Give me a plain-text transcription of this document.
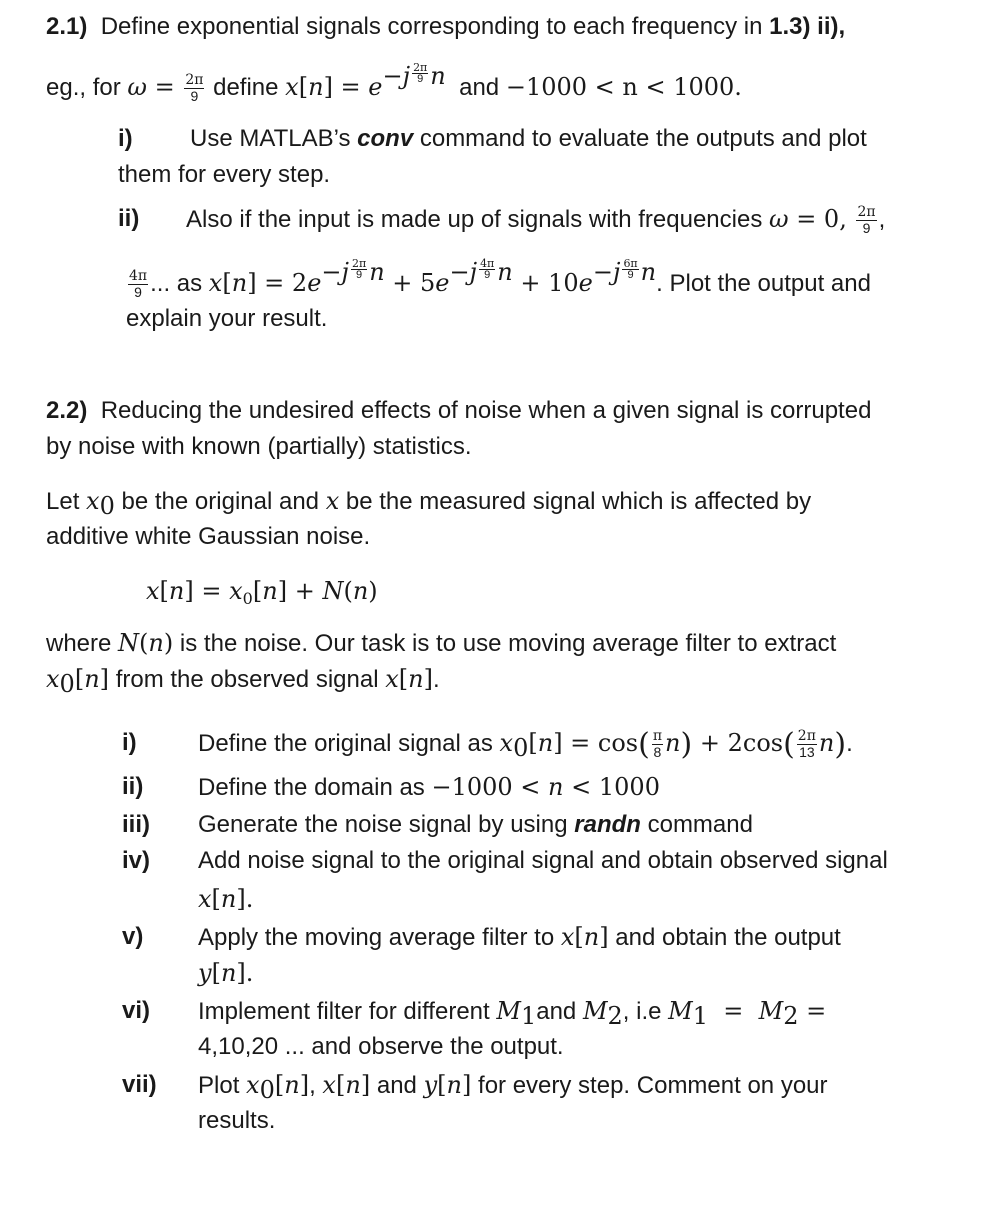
2.1) Define exponential signals corresponding to each frequency in 1.3) ii),
eg., for $\omega = \frac{2\pi}{9}$ define $x[n] = e^{-j \frac{2\pi}{9} n}$  and −1000 < n < 1000.
i) Use MATLAB’s conv command to evaluate the outputs and plot
them for every step.
ii) Also if the input is made up of signals with frequencies ω = 0, $\frac{2\pi}{9}$ ,
$\frac{4\pi}{9}$ ... as $x[n] = 2e^{-j \frac{2\pi}{9} n} + 5e^{-j \frac{4\pi}{9} n} + 10e^{-j \frac{6\pi}{9} n}$. Plot the output and
explain your result.
2.2) Reducing the undesired effects of noise when a given signal is corrupted
by noise with known (partially) statistics.
Let $x_0$ be the original and x be the measured signal which is affected by
additive white Gaussian noise.
$x[n] = x_0[n] + N(n)$
where N(n) is the noise. Our task is to use moving average filter to extract
$x_0[n]$ from the observed signal x[n].
i)	Define the original signal as $x_0[n] = \cos( \frac{\pi}{8} n) + 2\cos( \frac{2\pi}{13} n)$.
ii) Define the domain as −1000 < n < 1000
iii) Generate the noise signal by using randn command
iv) Add noise signal to the original signal and obtain observed signal
x[n].
v) Apply the moving average filter to x[n] and obtain the output
y[n].
vi) Implement filter for different $M_1and$ $M_2$, i.e $M_1 = M_2$ =
4,10,20 ... and observe the output.
vii) Plot $x_0[n]$, x[n] and y[n] for every step. Comment on your
results.
